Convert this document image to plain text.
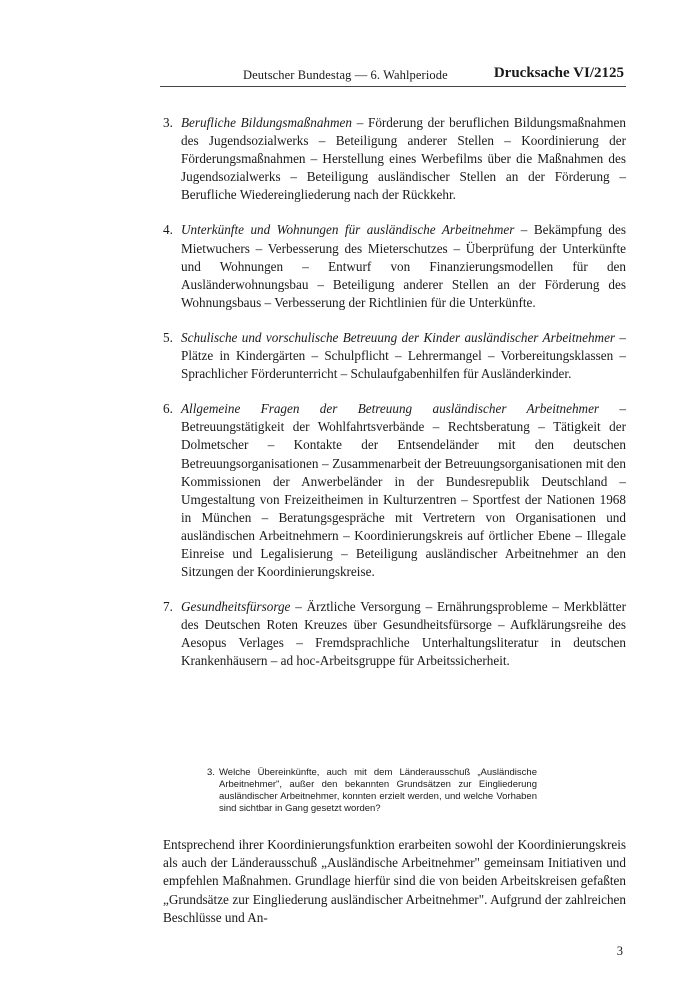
Deutscher Bundestag — 6. Wahlperiode	Drucksache VI/2125
3. Berufliche Bildungsmaßnahmen – Förderung der beruflichen Bildungsmaßnahmen des Jugendsozialwerks – Beteiligung anderer Stellen – Koordinierung der Förderungsmaßnahmen – Herstellung eines Werbefilms über die Maßnahmen des Jugendsozialwerks – Beteiligung ausländischer Stellen an der Förderung – Berufliche Wiedereingliederung nach der Rückkehr.
4. Unterkünfte und Wohnungen für ausländische Arbeitnehmer – Bekämpfung des Mietwuchers – Verbesserung des Mieterschutzes – Überprüfung der Unterkünfte und Wohnungen – Entwurf von Finanzierungsmodellen für den Ausländerwohnungsbau – Beteiligung anderer Stellen an der Förderung des Wohnungsbaus – Verbesserung der Richtlinien für die Unterkünfte.
5. Schulische und vorschulische Betreuung der Kinder ausländischer Arbeitnehmer – Plätze in Kindergärten – Schulpflicht – Lehrermangel – Vorbereitungsklassen – Sprachlicher Förderunterricht – Schulaufgabenhilfen für Ausländerkinder.
6. Allgemeine Fragen der Betreuung ausländischer Arbeitnehmer – Betreuungstätigkeit der Wohlfahrtsverbände – Rechtsberatung – Tätigkeit der Dolmetscher – Kontakte der Entsendeländer mit den deutschen Betreuungsorganisationen – Zusammenarbeit der Betreuungsorganisationen mit den Kommissionen der Anwerbeländer in der Bundesrepublik Deutschland – Umgestaltung von Freizeitheimen in Kulturzentren – Sportfest der Nationen 1968 in München – Beratungsgespräche mit Vertretern von Organisationen und ausländischen Arbeitnehmern – Koordinierungskreis auf örtlicher Ebene – Illegale Einreise und Legalisierung – Beteiligung ausländischer Arbeitnehmer an den Sitzungen der Koordinierungskreise.
7. Gesundheitsfürsorge – Ärztliche Versorgung – Ernährungsprobleme – Merkblätter des Deutschen Roten Kreuzes über Gesundheitsfürsorge – Aufklärungsreihe des Aesopus Verlages – Fremdsprachliche Unterhaltungsliteratur in deutschen Krankenhäusern – ad hoc-Arbeitsgruppe für Arbeitssicherheit.
3. Welche Übereinkünfte, auch mit dem Länderausschuß „Ausländische Arbeitnehmer", außer den bekannten Grundsätzen zur Eingliederung ausländischer Arbeitnehmer, konnten erzielt werden, und welche Vorhaben sind sichtbar in Gang gesetzt worden?

Entsprechend ihrer Koordinierungsfunktion erarbeiten sowohl der Koordinierungskreis als auch der Länderausschuß „Ausländische Arbeitnehmer" gemeinsam Initiativen und empfehlen Maßnahmen. Grundlage hierfür sind die von beiden Arbeitskreisen gefaßten „Grundsätze zur Eingliederung ausländischer Arbeitnehmer". Aufgrund der zahlreichen Beschlüsse und An-

3
